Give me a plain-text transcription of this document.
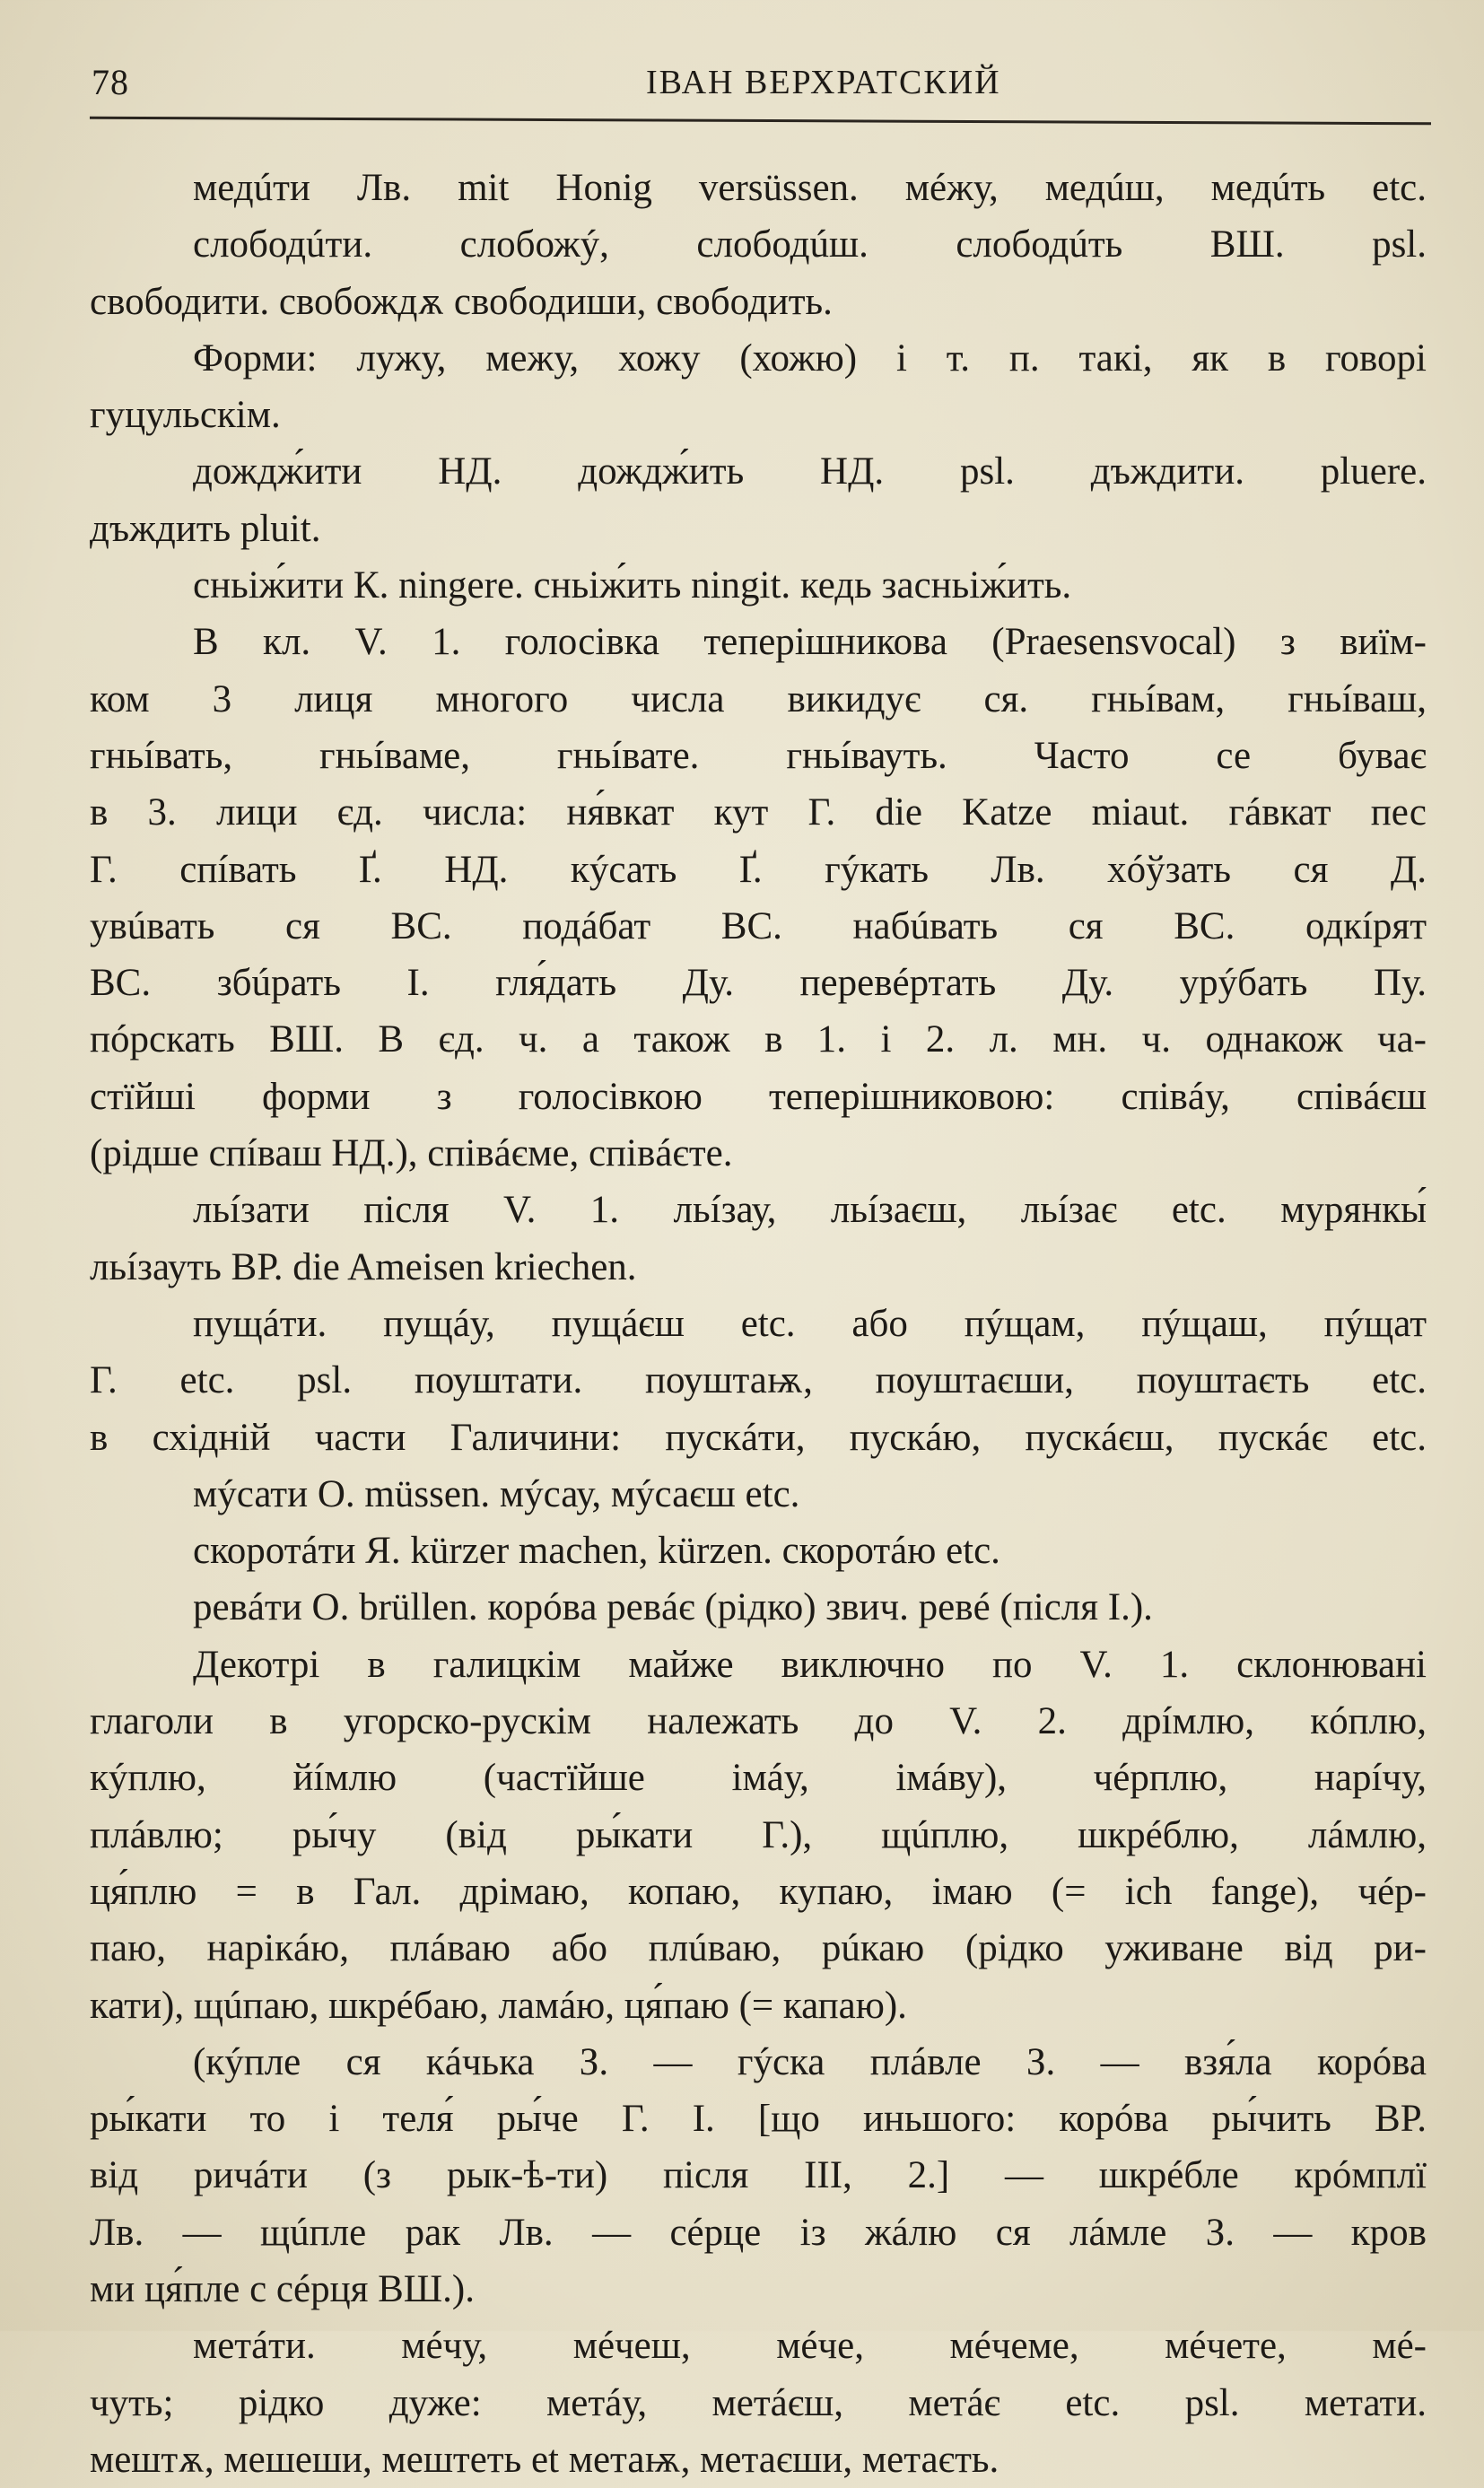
78	ІВАН ВЕРХРАТСКИЙ
медúти Лв. mit Honig versüssen. мéжу, медúш, медúть etc.
слободúти. слобожý, слободúш. слободúть ВШ. psl.
свободити. свобождѫ свободиши, свободить.
Форми: лужу, межу, хожу (хожю) і т. п. такі, як в говорі
гуцульскім.
дождж́ити НД. дождж́ить НД. psl. дъждити. pluere.
дъждить pluit.
сньіж́ити К. ningere. сньіж́ить ningit. кедь засньіж́ить.
В кл. V. 1. голосівка теперішникова (Praesensvocal) з виїм-
ком 3 лиця многого числа викидує ся. гньíвам, гньíваш,
гньíвать, гньíваме, гньíвате. гньíвауть. Часто се буває
в 3. лици єд. числа: ня́вкат кут Г. die Katze miaut. гáвкат пес
Г. спíвать Ґ. НД. кýсать Ґ. гýкать Лв. хóўзать ся Д.
увúвать ся ВС. подáбат ВС. набúвать ся ВС. одкíрят
ВС. збúрать І. гля́дать Ду. перевéртать Ду. урýбать Пу.
пóрскать ВШ. В єд. ч. а також в 1. і 2. л. мн. ч. однакож ча-
стїйші форми з голосівкою теперішниковою: співáу, співáєш
(рідше спíваш НД.), співáєме, співáєте.
льíзати після V. 1. льíзау, льíзаєш, льíзає etc. мурянкы́
льíзауть ВР. die Ameisen kriechen.
пущáти. пущáу, пущáєш etc. або пýщам, пýщаш, пýщат
Г. etc. psl. поуштати. поуштаѭ, поуштаєши, поуштаєть etc.
в східній части Галичини: пускáти, пускáю, пускáєш, пускáє etc.
мýсати О. müssen. мýсау, мýсаєш etc.
скоротáти Я. kürzer machen, kürzen. скоротáю etc.
ревáти О. brüllen. корóва ревáє (рідко) звич. ревé (після І.).
Декотрі в галицкім майже виключно по V. 1. склонювані
глаголи в угорско-рускім належать до V. 2. дрíмлю, кóплю,
кýплю, йíмлю (частїйше імáу, імáву), чéрплю, нарíчу,
плáвлю; ры́чу (від ры́кати Г.), щúплю, шкрéблю, лáмлю,
ця́плю = в Гал. дрімаю, копаю, купаю, імаю (= ich fange), чéр-
паю, нарікáю, плáваю або плúваю, рúкаю (рідко уживане від ри-
кати), щúпаю, шкрéбаю, ламáю, ця́паю (= капаю).
(кýпле ся кáчька З. — гýска плáвле З. — взя́ла корóва
ры́кати то і теля́ ры́че Г. І. [що иньшого: корóва ры́чить ВР.
від ричáти (з рык-ѣ-ти) після ІІІ, 2.] — шкрéбле крóмплї
Лв. — щúпле рак Лв. — сéрце із жáлю ся лáмле З. — кров
ми ця́пле с сéрця ВШ.).
метáти. мéчу, мéчеш, мéче, мéчеме, мéчете, мé-
чуть; рідко дуже: метáу, метáєш, метáє etc. psl. метати.
мештѫ, мешеши, мештеть et метаѭ, метаєши, метаєть.
